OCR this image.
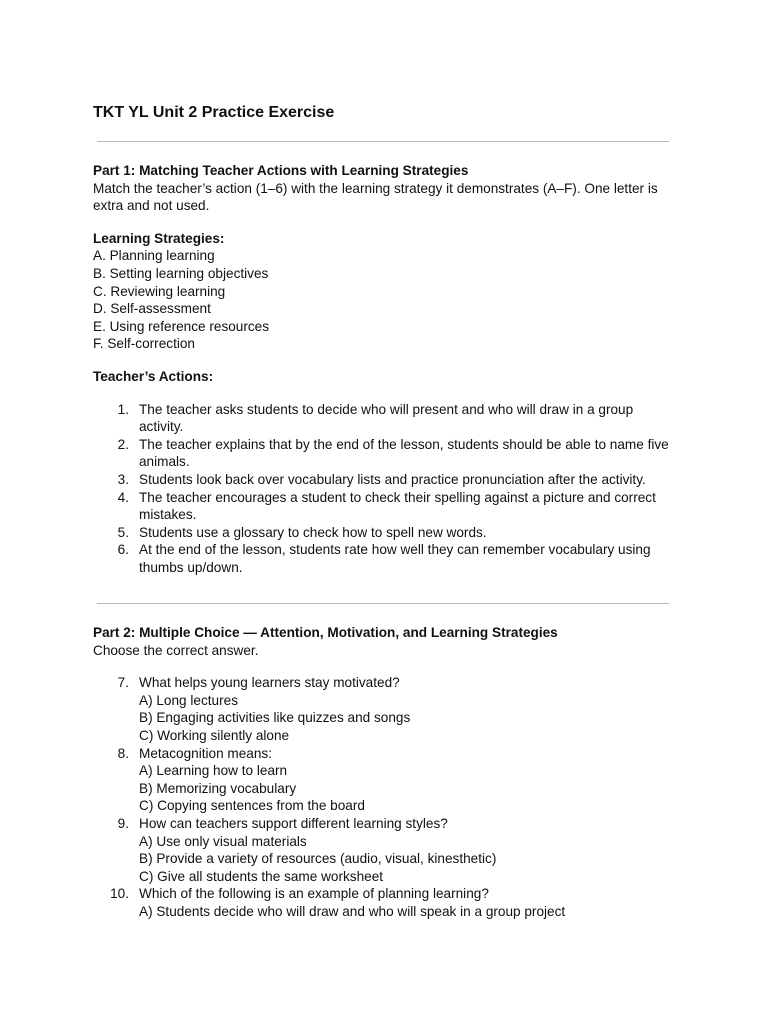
TKT YL Unit 2 Practice Exercise

Part 1: Matching Teacher Actions with Learning Strategies

Match the teacher’s action (1–6) with the learning strategy it demonstrates (A–F). One letter is extra and not used.

Learning Strategies:

A. Planning learning

B. Setting learning objectives

C. Reviewing learning

D. Self-assessment

E. Using reference resources

F. Self-correction

Teacher’s Actions:

1. The teacher asks students to decide who will present and who will draw in a group activity.
2. The teacher explains that by the end of the lesson, students should be able to name five animals.
3. Students look back over vocabulary lists and practice pronunciation after the activity.
4. The teacher encourages a student to check their spelling against a picture and correct mistakes.
5. Students use a glossary to check how to spell new words.
6. At the end of the lesson, students rate how well they can remember vocabulary using thumbs up/down.

Part 2: Multiple Choice — Attention, Motivation, and Learning Strategies

Choose the correct answer.

7. What helps young learners stay motivated?
A) Long lectures
B) Engaging activities like quizzes and songs
C) Working silently alone
8. Metacognition means:
A) Learning how to learn
B) Memorizing vocabulary
C) Copying sentences from the board
9. How can teachers support different learning styles?
A) Use only visual materials
B) Provide a variety of resources (audio, visual, kinesthetic)
C) Give all students the same worksheet
10. Which of the following is an example of planning learning?
A) Students decide who will draw and who will speak in a group project
